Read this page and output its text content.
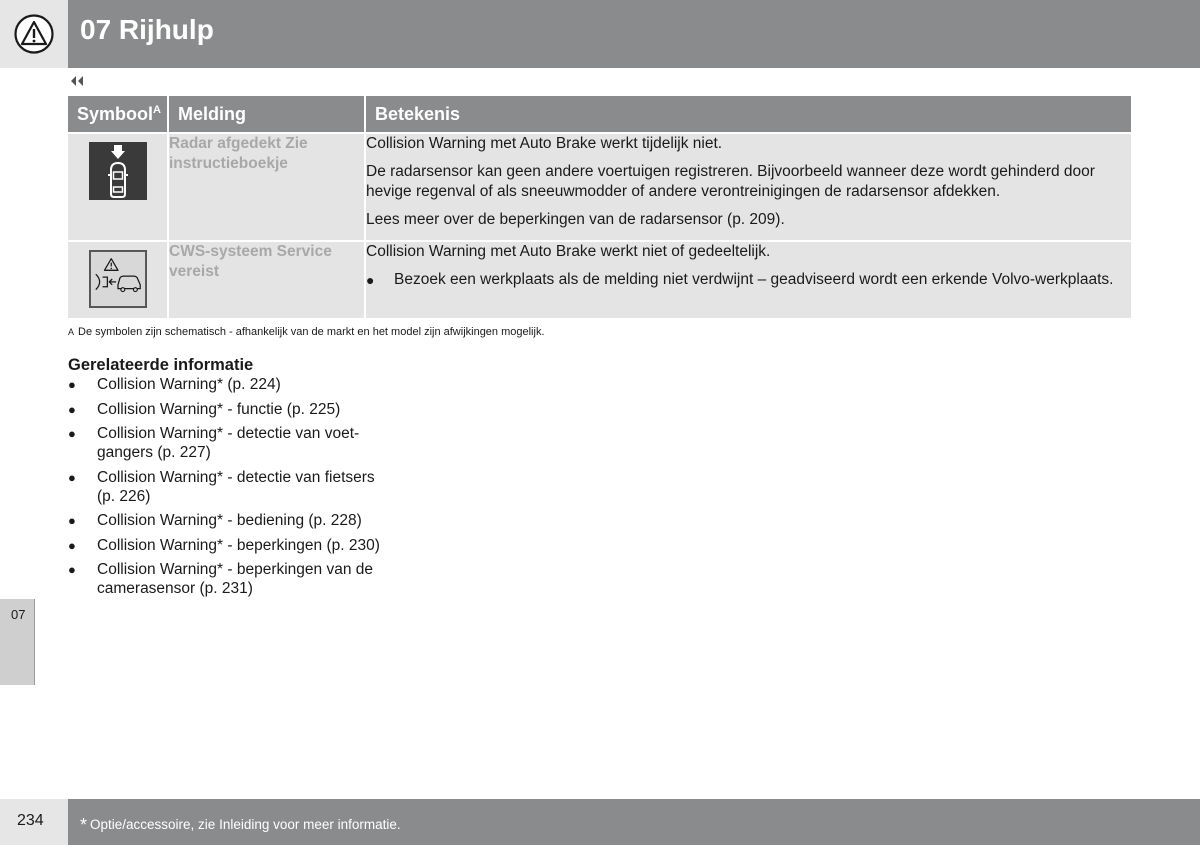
07 Rijhulp
Symbool$^A$	Melding	Betekenis

	Radar afgedekt Zie instructieboekje	Collision Warning met Auto Brake werkt tijdelijk niet.

De radarsensor kan geen andere voertuigen registreren. Bijvoorbeeld wanneer deze wordt gehinderd door hevige regenval of als sneeuwmodder of andere verontreinigingen de radarsensor afdekken.

Lees meer over de beperkingen van de radarsensor (p. 209).

	CWS-systeem Service vereist	Collision Warning met Auto Brake werkt niet of gedeeltelijk.

● Bezoek een werkplaats als de melding niet verdwijnt – geadviseerd wordt een erkende Volvo-werkplaats.
A De symbolen zijn schematisch - afhankelijk van de markt en het model zijn afwijkingen mogelijk.
Gerelateerde informatie
●	Collision Warning* (p. 224)
●	Collision Warning* - functie (p. 225)
●	Collision Warning* - detectie van voet-gangers (p. 227)
●	Collision Warning* - detectie van fietsers (p. 226)
●	Collision Warning* - bediening (p. 228)
●	Collision Warning* - beperkingen (p. 230)
●	Collision Warning* - beperkingen van de camerasensor (p. 231)
07
234 * Optie/accessoire, zie Inleiding voor meer informatie.
